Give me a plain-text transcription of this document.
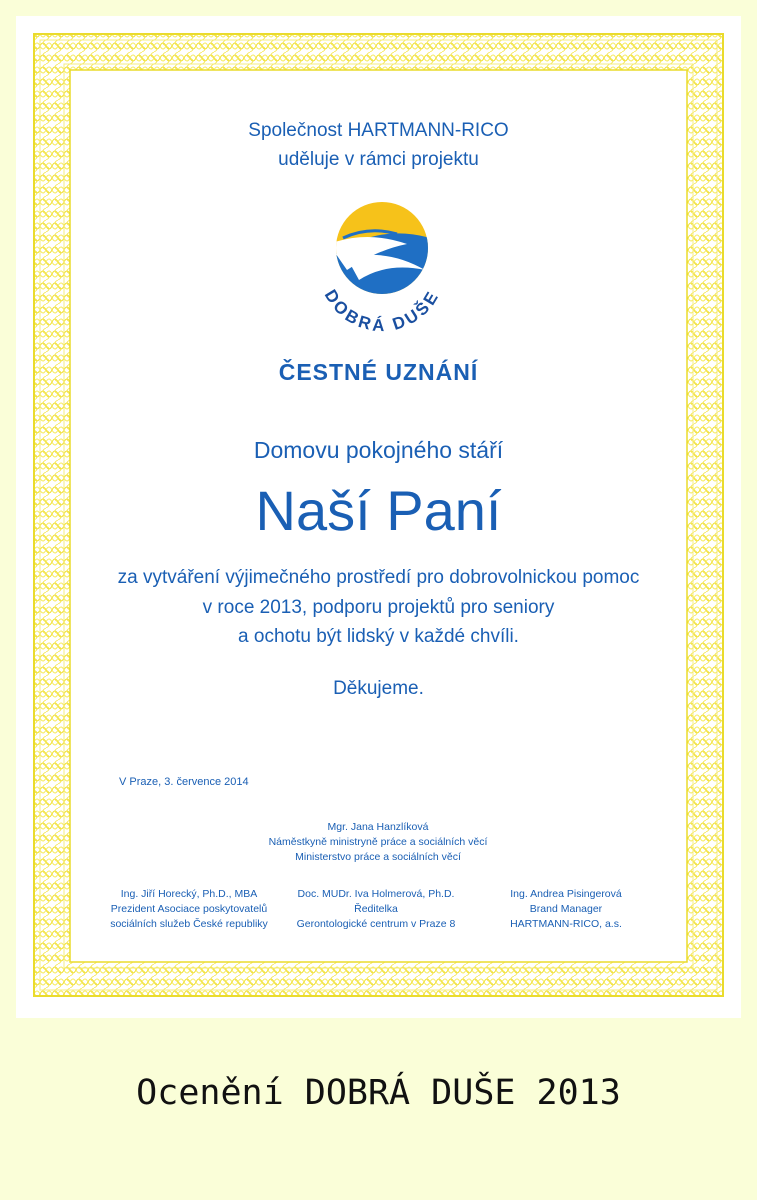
Společnost HARTMANN-RICO
uděluje v rámci projektu
DOBRÁ DUŠE
ČESTNÉ UZNÁNÍ
Domovu pokojného stáří
Naší Paní
za vytváření výjimečného prostředí pro dobrovolnickou pomoc
v roce 2013, podporu projektů pro seniory
a ochotu být lidský v každé chvíli.
Děkujeme.
V Praze, 3. července 2014
Mgr. Jana Hanzlíková
Náměstkyně ministryně práce a sociálních věcí
Ministerstvo práce a sociálních věcí
Ing. Jiří Horecký, Ph.D., MBA
Prezident Asociace poskytovatelů
sociálních služeb České republiky
Doc. MUDr. Iva Holmerová, Ph.D.
Ředitelka
Gerontologické centrum v Praze 8
Ing. Andrea Pisingerová
Brand Manager
HARTMANN-RICO, a.s.
Ocenění DOBRÁ DUŠE 2013
